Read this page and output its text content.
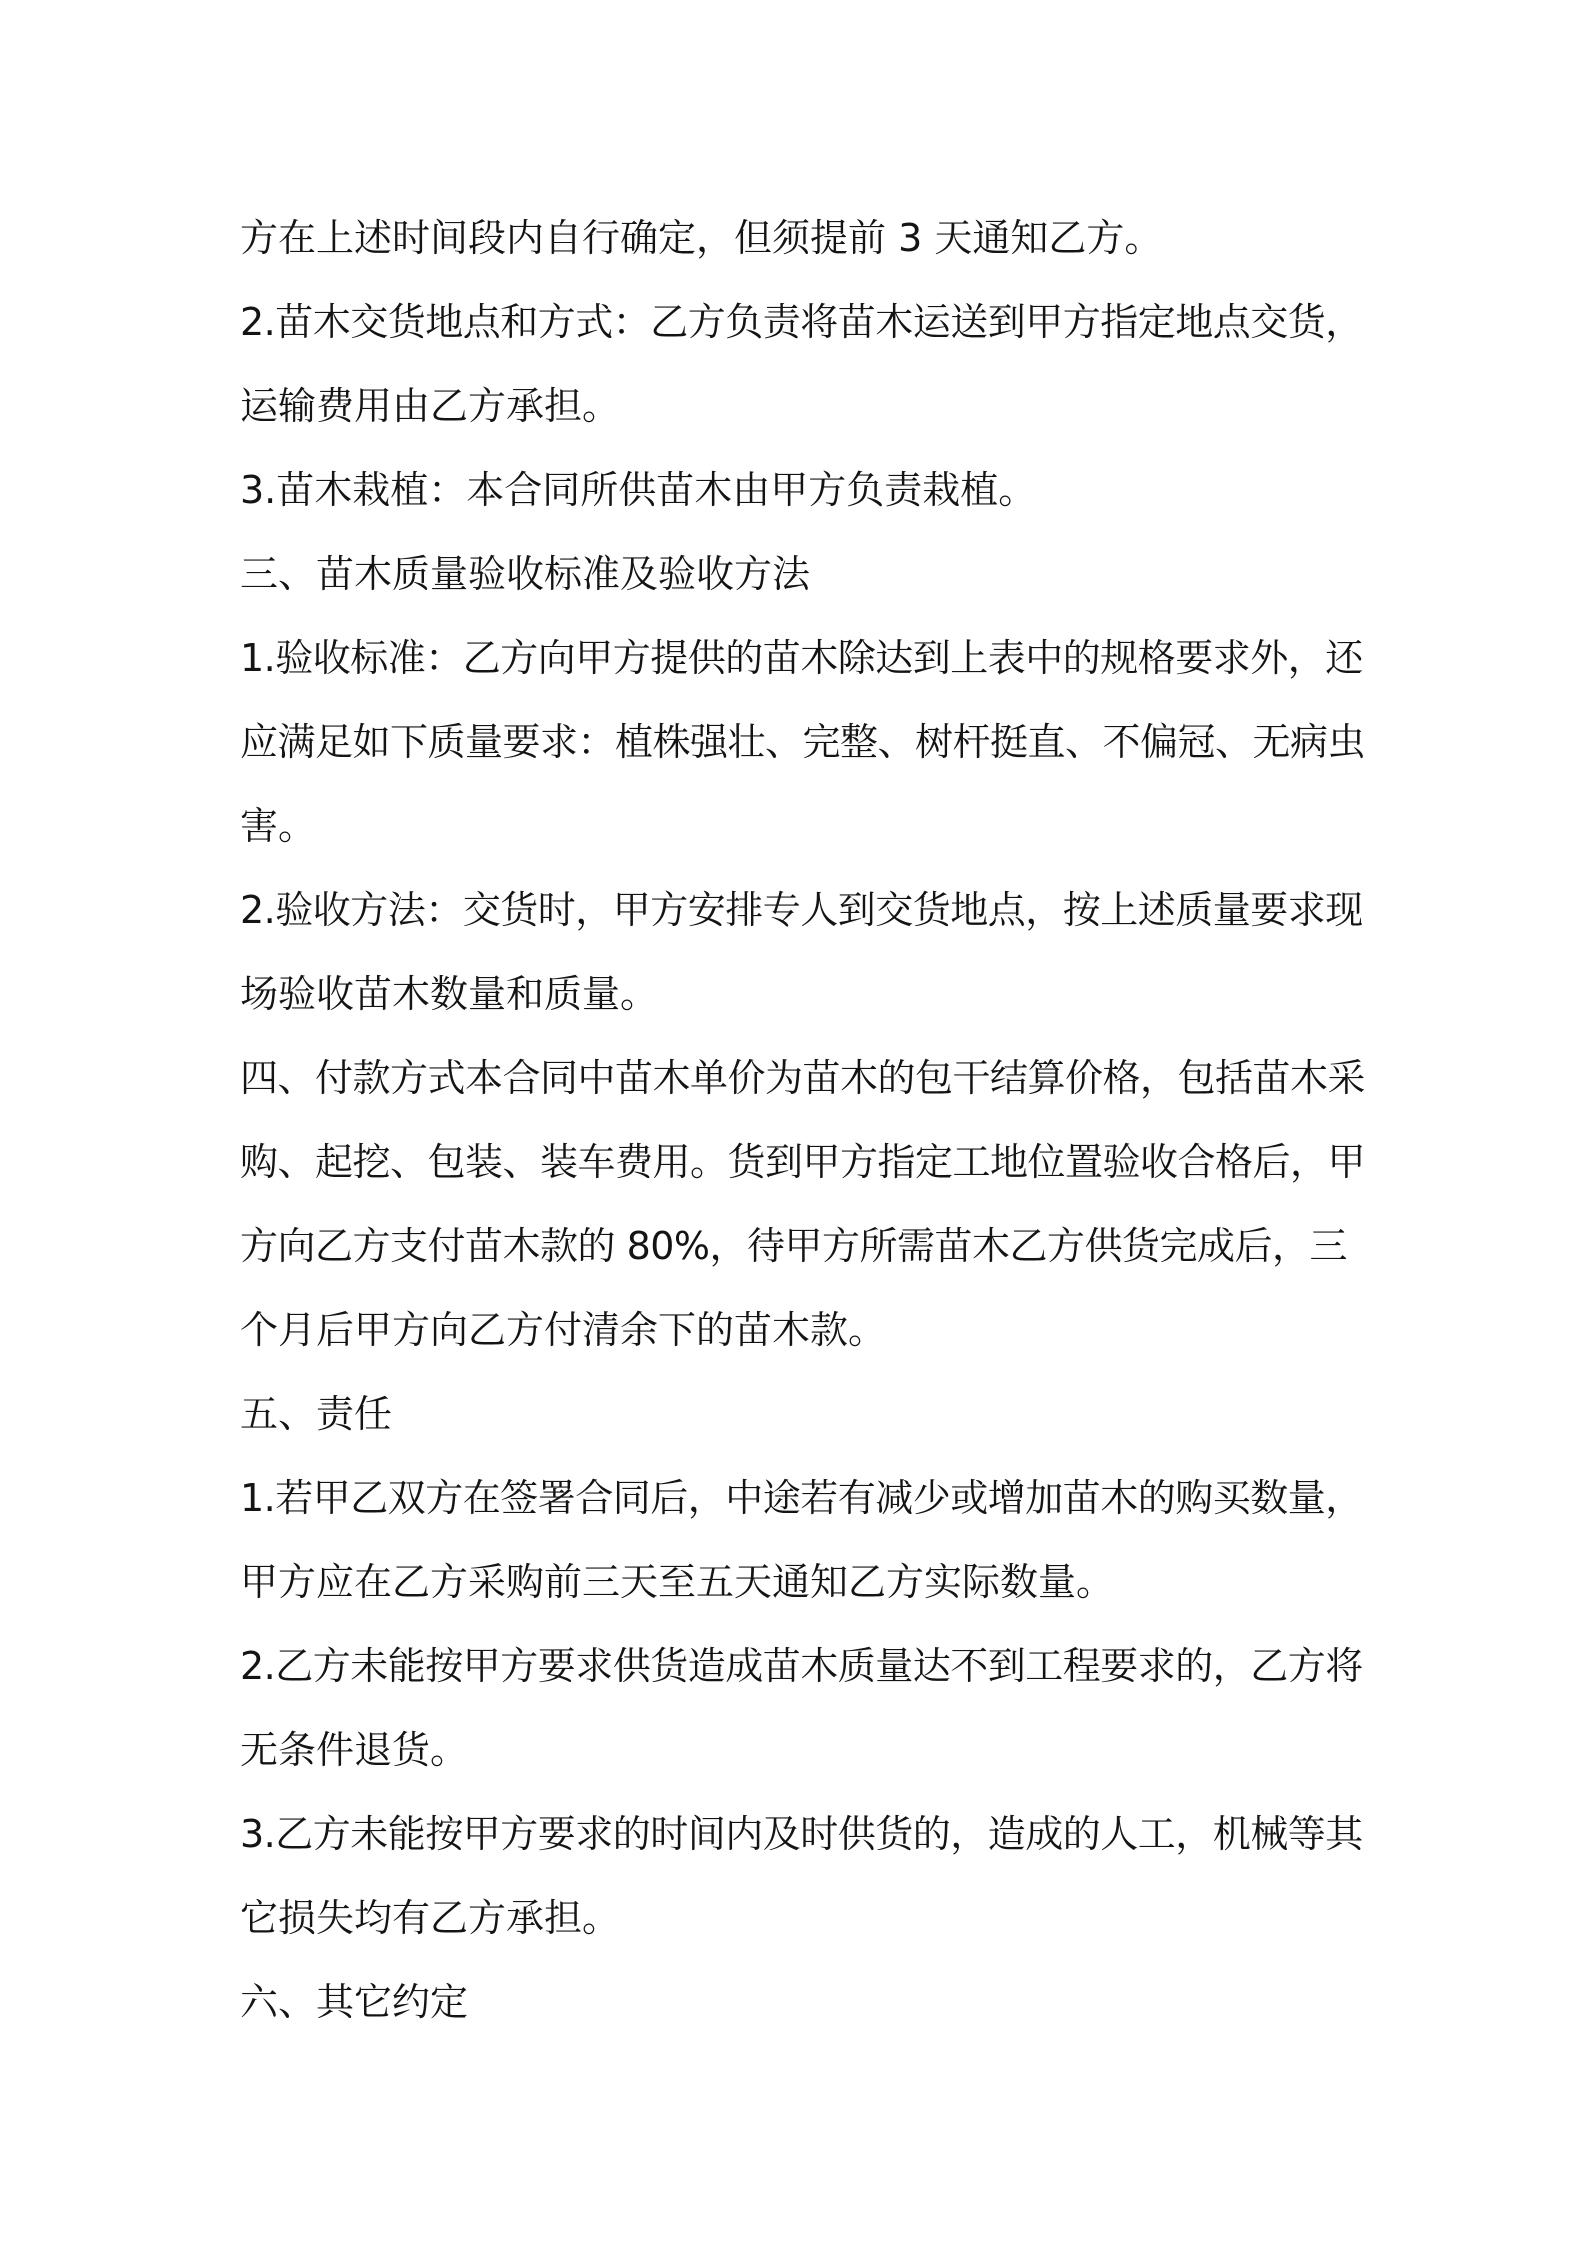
方在上述时间段内自行确定，但须提前 3 天通知乙方。
2.苗木交货地点和方式：乙方负责将苗木运送到甲方指定地点交货，
运输费用由乙方承担。
3.苗木栽植：本合同所供苗木由甲方负责栽植。
三、苗木质量验收标准及验收方法
1.验收标准：乙方向甲方提供的苗木除达到上表中的规格要求外，还
应满足如下质量要求：植株强壮、完整、树杆挺直、不偏冠、无病虫
害。
2.验收方法：交货时，甲方安排专人到交货地点，按上述质量要求现
场验收苗木数量和质量。
四、付款方式本合同中苗木单价为苗木的包干结算价格，包括苗木采
购、起挖、包装、装车费用。货到甲方指定工地位置验收合格后，甲
方向乙方支付苗木款的 80%，待甲方所需苗木乙方供货完成后，三
个月后甲方向乙方付清余下的苗木款。
五、责任
1.若甲乙双方在签署合同后，中途若有减少或增加苗木的购买数量，
甲方应在乙方采购前三天至五天通知乙方实际数量。
2.乙方未能按甲方要求供货造成苗木质量达不到工程要求的，乙方将
无条件退货。
3.乙方未能按甲方要求的时间内及时供货的，造成的人工，机械等其
它损失均有乙方承担。
六、其它约定
